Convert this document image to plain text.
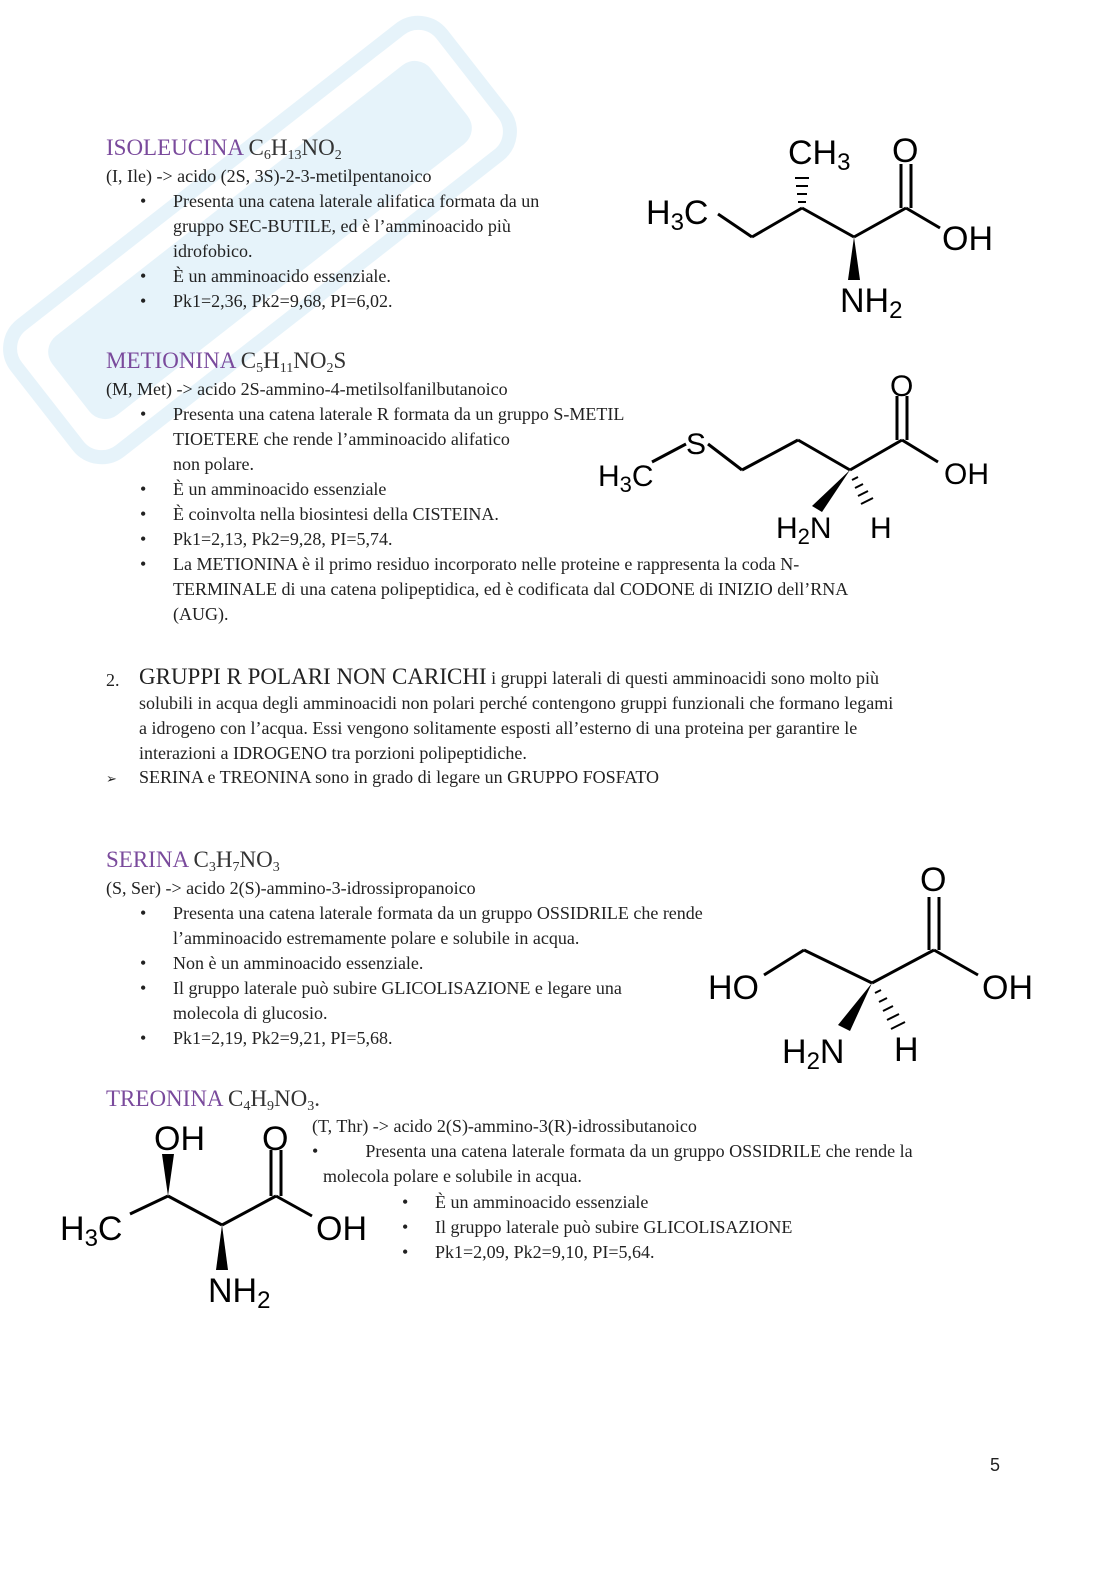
ISOLEUCINA $C_6H_{13}NO_2$
(I, Ile) -> acido (2S, 3S)-2-3-metilpentanoico
• Presenta una catena laterale alifatica formata da un
gruppo SEC-BUTILE, ed è l’amminoacido più
idrofobico.
• È un amminoacido essenziale.
• Pk1=2,36, Pk2=9,68, PI=6,02.
CH3 O
H3C
OH
NH2
METIONINA $C_5H_{11}NO_2S$
(M, Met) -> acido 2S-ammino-4-metilsolfanilbutanoico
• Presenta una catena laterale R formata da un gruppo S-METIL
TIOETERE che rende l’amminoacido alifatico
non polare.
• È un amminoacido essenziale
• È coinvolta nella biosintesi della CISTEINA.
• Pk1=2,13, Pk2=9,28, PI=5,74.
• La METIONINA è il primo residuo incorporato nelle proteine e rappresenta la coda N-
TERMINALE di una catena polipeptidica, ed è codificata dal CODONE di INIZIO dell’RNA
(AUG).
O
S
$H_3C$	OH
$H_2N$ H
2. GRUPPI R POLARI NON CARICHI i gruppi laterali di questi amminoacidi sono molto più
solubili in acqua degli amminoacidi non polari perché contengono gruppi funzionali che formano legami
a idrogeno con l’acqua. Essi vengono solitamente esposti all’esterno di una proteina per garantire le
interazioni a IDROGENO tra porzioni polipeptidiche.
➢ SERINA e TREONINA sono in grado di legare un GRUPPO FOSFATO
SERINA $C_3H_7NO_3$
(S, Ser) -> acido 2(S)-ammino-3-idrossipropanoico
• Presenta una catena laterale formata da un gruppo OSSIDRILE che rende
l’amminoacido estremamente polare e solubile in acqua.
• Non è un amminoacido essenziale.
• Il gruppo laterale può subire GLICOLISAZIONE e legare una
molecola di glucosio.
• Pk1=2,19, Pk2=9,21, PI=5,68.
O
HO	OH
H2N H
TREONINA $C_4H_9NO_3$.
(T, Thr) -> acido 2(S)-ammino-3(R)-idrossibutanoico
•	Presenta una catena laterale formata da un gruppo OSSIDRILE che rende la
molecola polare e solubile in acqua.
• È un amminoacido essenziale
• Il gruppo laterale può subire GLICOLISAZIONE
• Pk1=2,09, Pk2=9,10, PI=5,64.
OH O
H3C	OH
NH2
5
